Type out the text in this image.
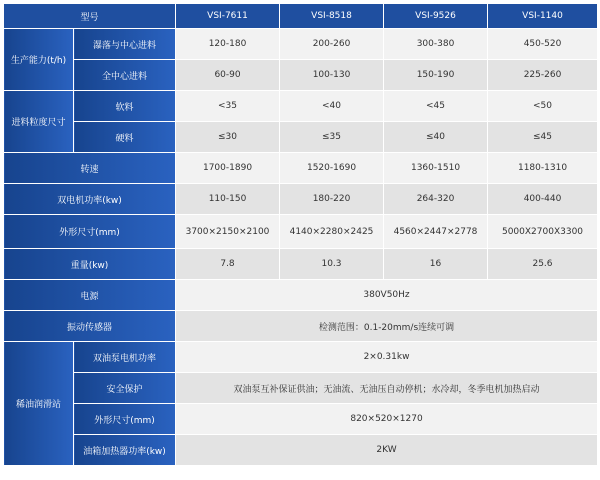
型号		VSI-7611	VSI-8518	VSI-9526	VSI-1140
生产能力(t/h)	瀑落与中心进料	120-180	200-260	300-380	450-520
	全中心进料	60-90	100-130	150-190	225-260
进料粒度尺寸	软料	<35	<40	<45	<50
	硬料	≤30	≤35	≤40	≤45
转速		1700-1890	1520-1690	1360-1510	1180-1310
双电机功率(kw)		110-150	180-220	264-320	400-440
外形尺寸(mm)		3700×2150×2100	4140×2280×2425	4560×2447×2778	5000X2700X3300
重量(kw)		7.8	10.3	16	25.6
电源		380V50Hz			
振动传感器		检测范围：0.1-20mm/s连续可调			
稀油润滑站	双油泵电机功率	2×0.31kw			
	安全保护	双油泵互补保证供油；无油流、无油压自动停机；水冷却，冬季电机加热启动			
	外形尺寸(mm)	820×520×1270			
	油箱加热器功率(kw)	2KW			
